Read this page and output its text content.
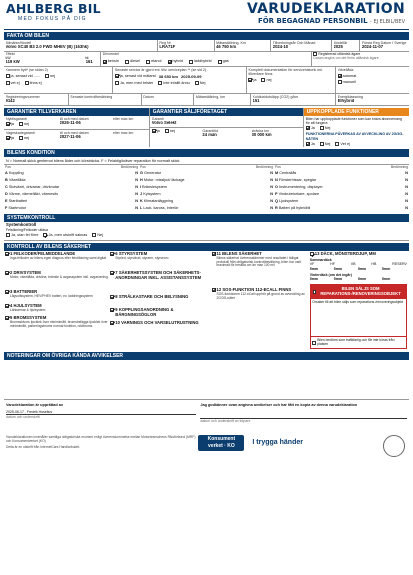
AHLBERG BIL
MED FOKUS PÅ DIG
VARUDEKLARATION
FÖR BEGAGNAD PERSONBIL - EJ ELBIL/BEV
FAKTA OM BILEN
Bilmärke/Modell
Volvo XC40 B3 2.0 FWD MHEV (B) (163hk)
Reg Nr
LRA71F
Mätarställning, Km
46 750 km
Tillverkningsår Och Månad
2024-10
Modellår
2025
Första Reg Datum I Sverige
2024-11-07
Effekt
kW	hk
119 kW	161
Drivmedel
bensin
	diesel
	etanol
	hybrid
	laddhybrid
	gas
Registrerad utländsk ägare
Datum angivs om det finns utländsk ägare
Kamnem bytt* (se sidan 2)
ja, senast vid ......	nej
vet ej	finns ej
Senaste service är gjord enl. tillv. serviceplan ** (se sid 2)
ja, senast vid mätarst. 38 653 km 2025-09-09
Ja, men med brister	inte infallit ännu	Nej
Komplett dokumentation för servicehistorik enl. tillverkare finns
ja	nej
Växellåda
automat
manuell
Registreringsnummer
9142
Senaste kontrollbesiktning	Datum
	Mätarställning, km
	Koldioxidutsläpp (CO2) g/km
151
Energiklassning
Elhybrid
GARANTIER TILLVERKAREN
Nybilsgaranti
ja	nej
till och med datum
2026-11-06
eller max km
Vagnskadegaranti
ja	nej
till och med datum
2027-11-06
eller max km
GARANTIER SÄLJFÖRETAGET
Garanti
Volvo Selekt
ja	nej	Garantitid
24 mån
sträcka km
30 000 km
UPPKOPPLADE FUNKTIONER
Bilen har uppkopplade funktioner som kan kräva abonnemang för att fungera
Ja	Nej
FUNKTIONERNA PÅVERKAS AV AVVECKLING AV 2G/3G-NÄTEN
Ja	Nej	Vet ej
BILENS KONDITION
N = Normalt skick gentemot bilens ålder och körsträcka. F = Felaktig/kräver reparation för normalt skick
Pos	Bedömning
A Koppling	N
B Växellåda	N
C Slutväxel, drivaxlar, drivknutar	N
D Värme, värmefläkt, värmesits	N
E Startbatteri	N
F Startmotor	N
Pos	Bedömning
G Generator	N
H Motor: missljud/ läckage	N
I Bränslesystem	N
J Kylsystem	N
K Klimatanläggning	N
L Lack, kaross, interiör	N
Pos	Bedömning
M Centrallås	N
N Fönsterhissar, speglar	N
O Instrumentering, displayer	N
P Vindrutetorkare, spolare	N
Q Ljudsystem	N
R Batteri på hybridbil	N
SYSTEMKONTROLL
Systemkontroll
Felsökning/Felkoder utläsa
Ja, utan fel förre	Ja, men utskrift saknas	Nej
KONTROLL AV BILENS SÄKERHET
1 FELKODER/FELMEDDELANDE
Inga felkoder av bilens egen diagnos eller felutläsning samt digital
2 DRIVSYSTEM
Motor, växellåda, drivlina, bränsle & avgassystem inkl. avgasrening
3 BATTERIER
Lågvoltssystem, HEV/PHEV batteri, ev. laddningssystem
4 HJULSYSTEM
Länkarmar & hjulsystem
5 BROMSSYSTEM
Bromsskivors tjocklek över minimimått, bromsbeläggs tjocklek över minimimått, parkeringsbroms normal funktion, nödbroms
6 STYRSYSTEM
Styrled, styrväxel, styrarm, styrservo
7 SÄKERHETSSYSTEM OCH SÄKERHETS-ANORDNINGAR INKL. ASSISTANSSYSTEM
8 STRÅLKASTARE OCH BELYSNING
9 KOPPLINGSANORDNING & BÄRGNINGSÖGLOR
10 VARNINGS OCH VARSELUTRUSTNING
11 BILENS SÄKERHET
Bilens säkerhet överensstämmer med resultatet i tidligat protokoll från obligatorisk kontrollbesiktning, bilen har varit maximalt för besikta om än max 100 mil
12 SOS-FUNKTION 112-ECALL FINNS
SOS-funktionen 112-eCall upphör på grund av avveckling av 2G/3G-nätet
13
DÄCK, MÖNSTERDJUP, MM
Sommardäck
VF	HF	VB	HB	RESERV
5mm	5mm	5mm	5mm

Vinterdäck (om det ingår)
5mm	5mm	5mm	5mm

BILEN SÄLJS SOM REPARATIONS-/RENOVERINGSOBJEKT
Orsaker till att bilen säljs som reparations-/renoveringsobjekt
Bilen bedöms som trafikfarlig och får inte köras från platsen
NOTERINGAR OM ÖVRIGA KÄNDA AVVIKELSER
Varudeklaration är upprättad av
2025-06-17 , Fredrik Huselius
datum och underskrift
Jag godkänner ovan angivna avvikelser och har fått en kopia av denna varudeklaration

datum och underskrift av köpare
Varudeklarationen innehåller samtliga obligatoriska moment enligt överenskommelse mellan Motorbranschens Riksförbund (MRF) och Konsumentverket (KO)
Delta är en utskrift från InternetCars Handlarbudet.
Konsument
verket · KO
I trygga händer
